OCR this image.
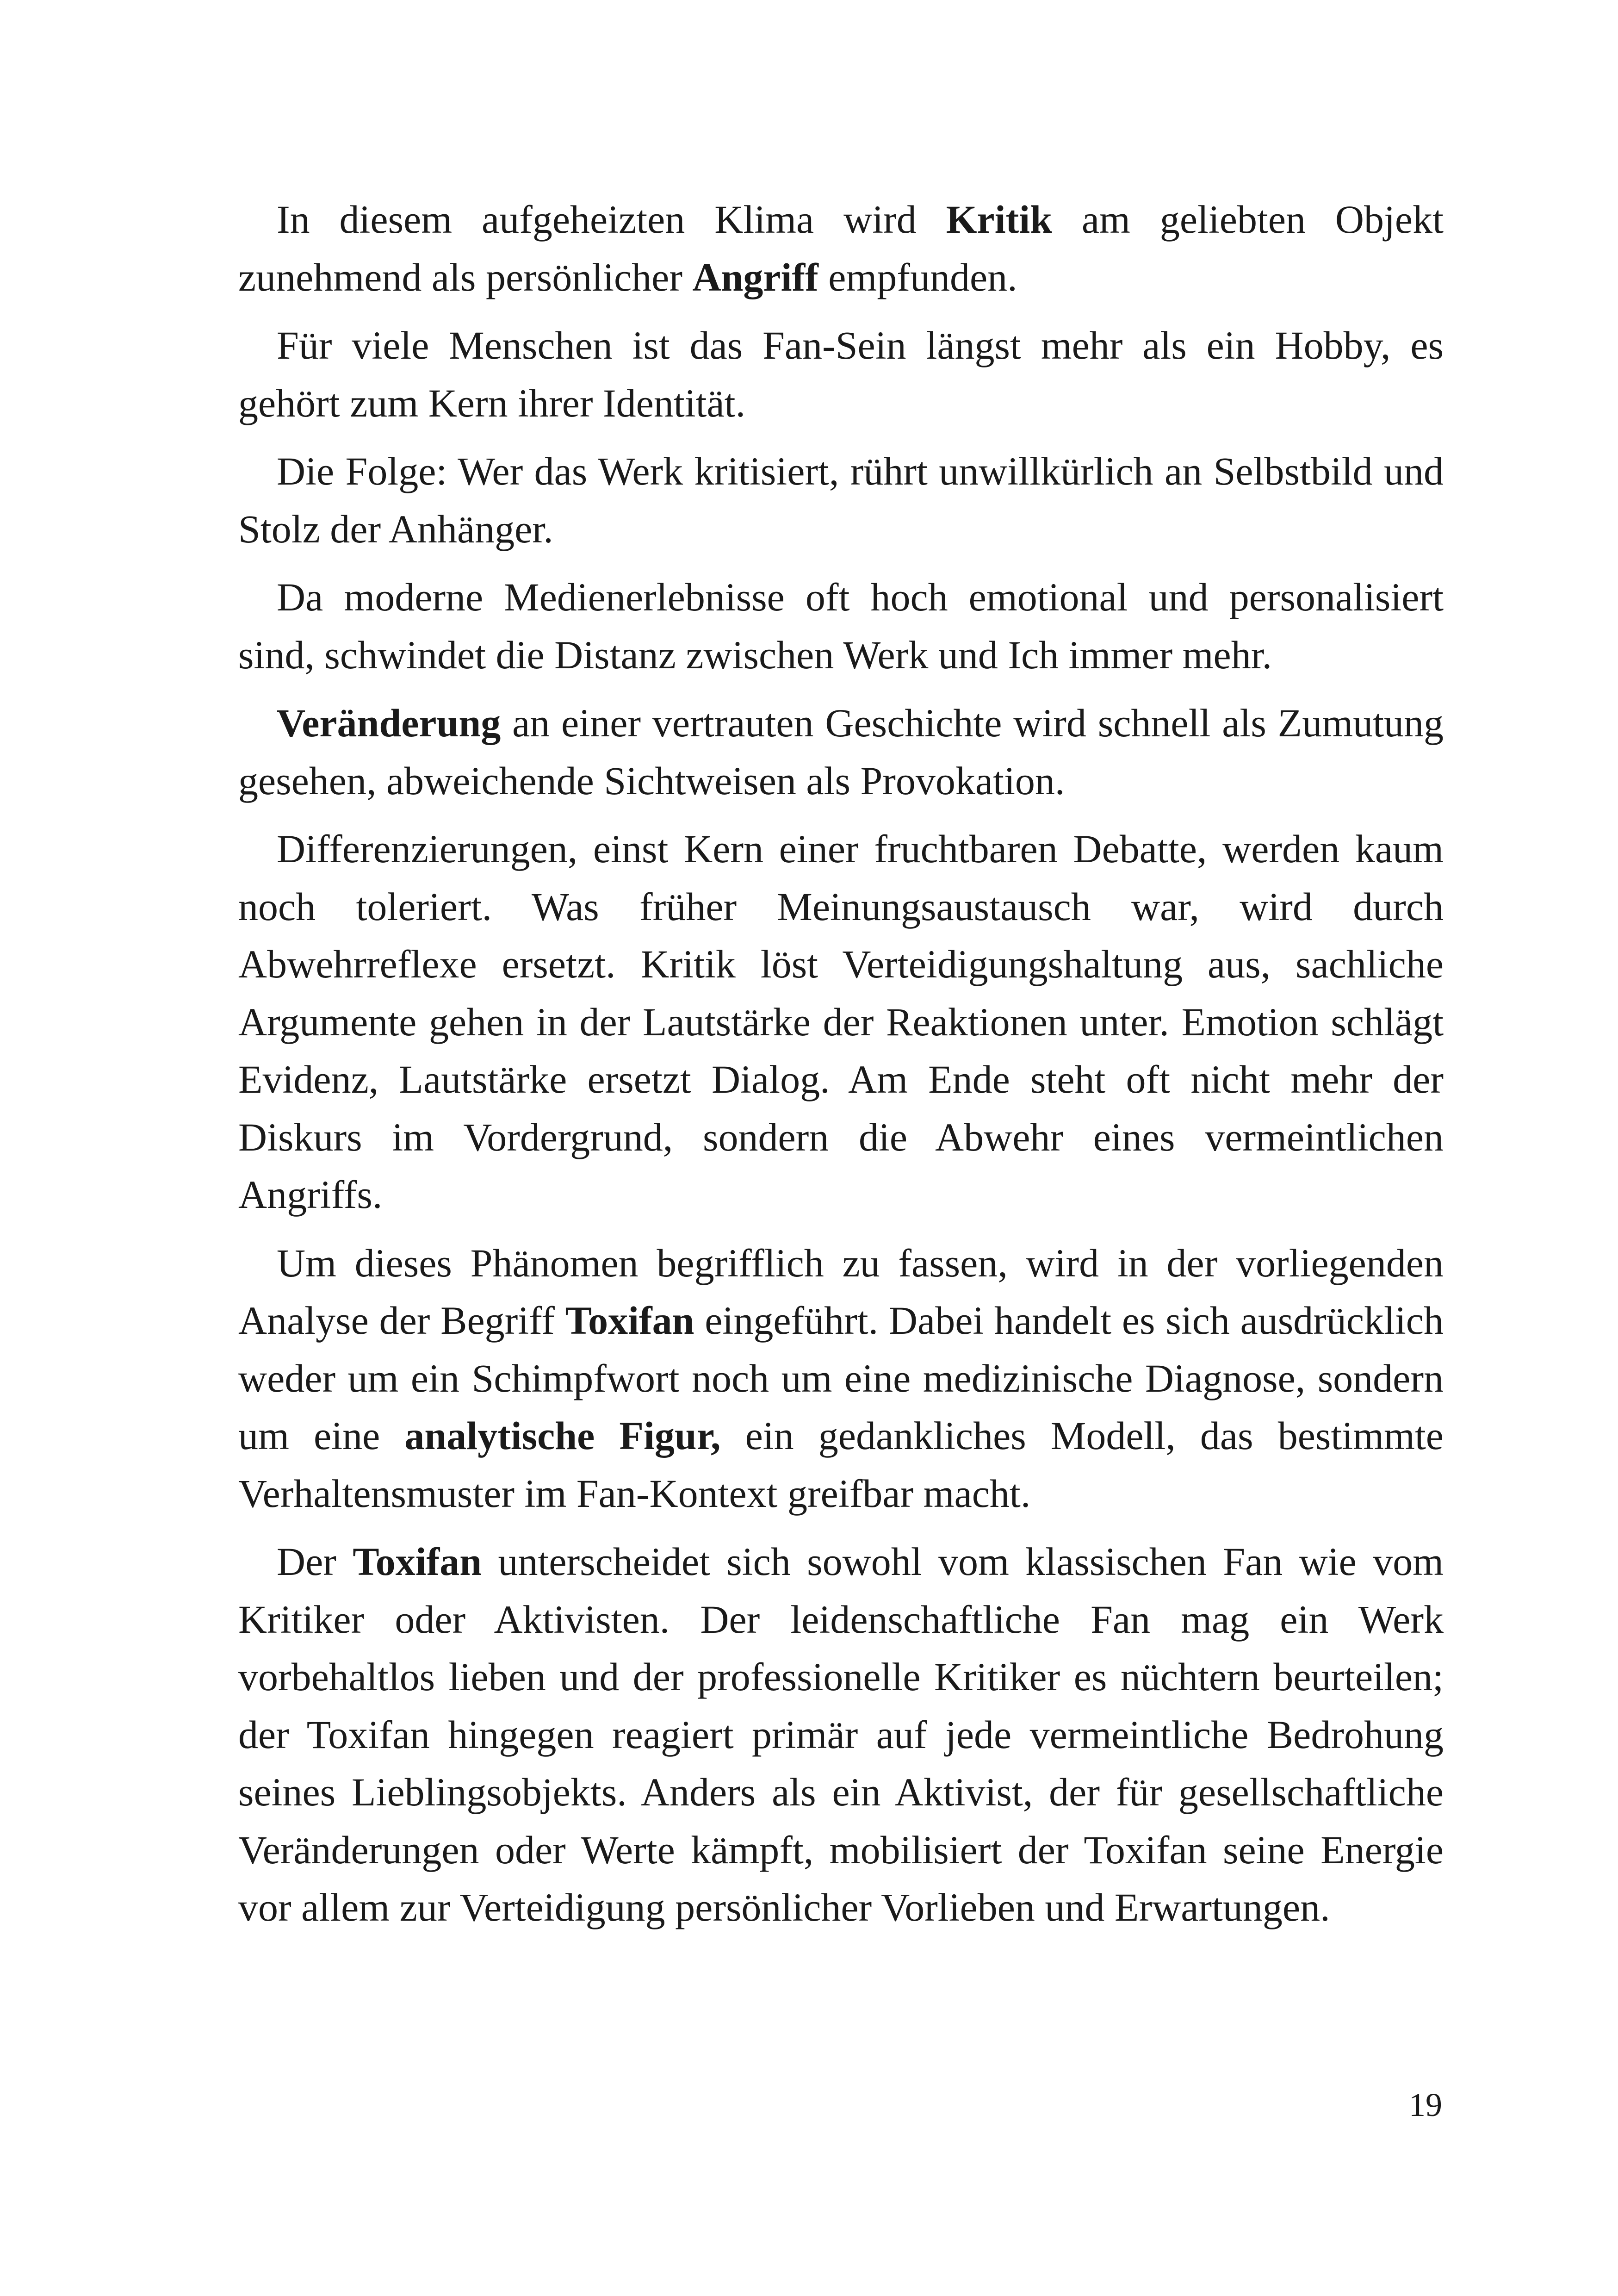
In diesem aufgeheizten Klima wird Kritik am geliebten Objekt zunehmend als persönlicher Angriff empfunden.

Für viele Menschen ist das Fan-Sein längst mehr als ein Hobby, es gehört zum Kern ihrer Identität.

Die Folge: Wer das Werk kritisiert, rührt unwillkürlich an Selbstbild und Stolz der Anhänger.

Da moderne Medienerlebnisse oft hoch emotional und personalisiert sind, schwindet die Distanz zwischen Werk und Ich immer mehr.

Veränderung an einer vertrauten Geschichte wird schnell als Zumutung gesehen, abweichende Sichtweisen als Provokation.

Differenzierungen, einst Kern einer fruchtbaren Debatte, werden kaum noch toleriert. Was früher Meinungsaustausch war, wird durch Abwehrreflexe ersetzt. Kritik löst Verteidigungshaltung aus, sachliche Argumente gehen in der Lautstärke der Reaktionen unter. Emotion schlägt Evidenz, Lautstärke ersetzt Dialog. Am Ende steht oft nicht mehr der Diskurs im Vordergrund, sondern die Abwehr eines vermeintlichen Angriffs.

Um dieses Phänomen begrifflich zu fassen, wird in der vorliegenden Analyse der Begriff Toxifan eingeführt. Dabei handelt es sich ausdrücklich weder um ein Schimpfwort noch um eine medizinische Diagnose, sondern um eine analytische Figur, ein gedankliches Modell, das bestimmte Verhaltensmuster im Fan-Kontext greifbar macht.

Der Toxifan unterscheidet sich sowohl vom klassischen Fan wie vom Kritiker oder Aktivisten. Der leidenschaftliche Fan mag ein Werk vorbehaltlos lieben und der professionelle Kritiker es nüchtern beurteilen; der Toxifan hingegen reagiert primär auf jede vermeintliche Bedrohung seines Lieblingsobjekts. Anders als ein Aktivist, der für gesellschaftliche Veränderungen oder Werte kämpft, mobilisiert der Toxifan seine Energie vor allem zur Verteidigung persönlicher Vorlieben und Erwartungen.

19
